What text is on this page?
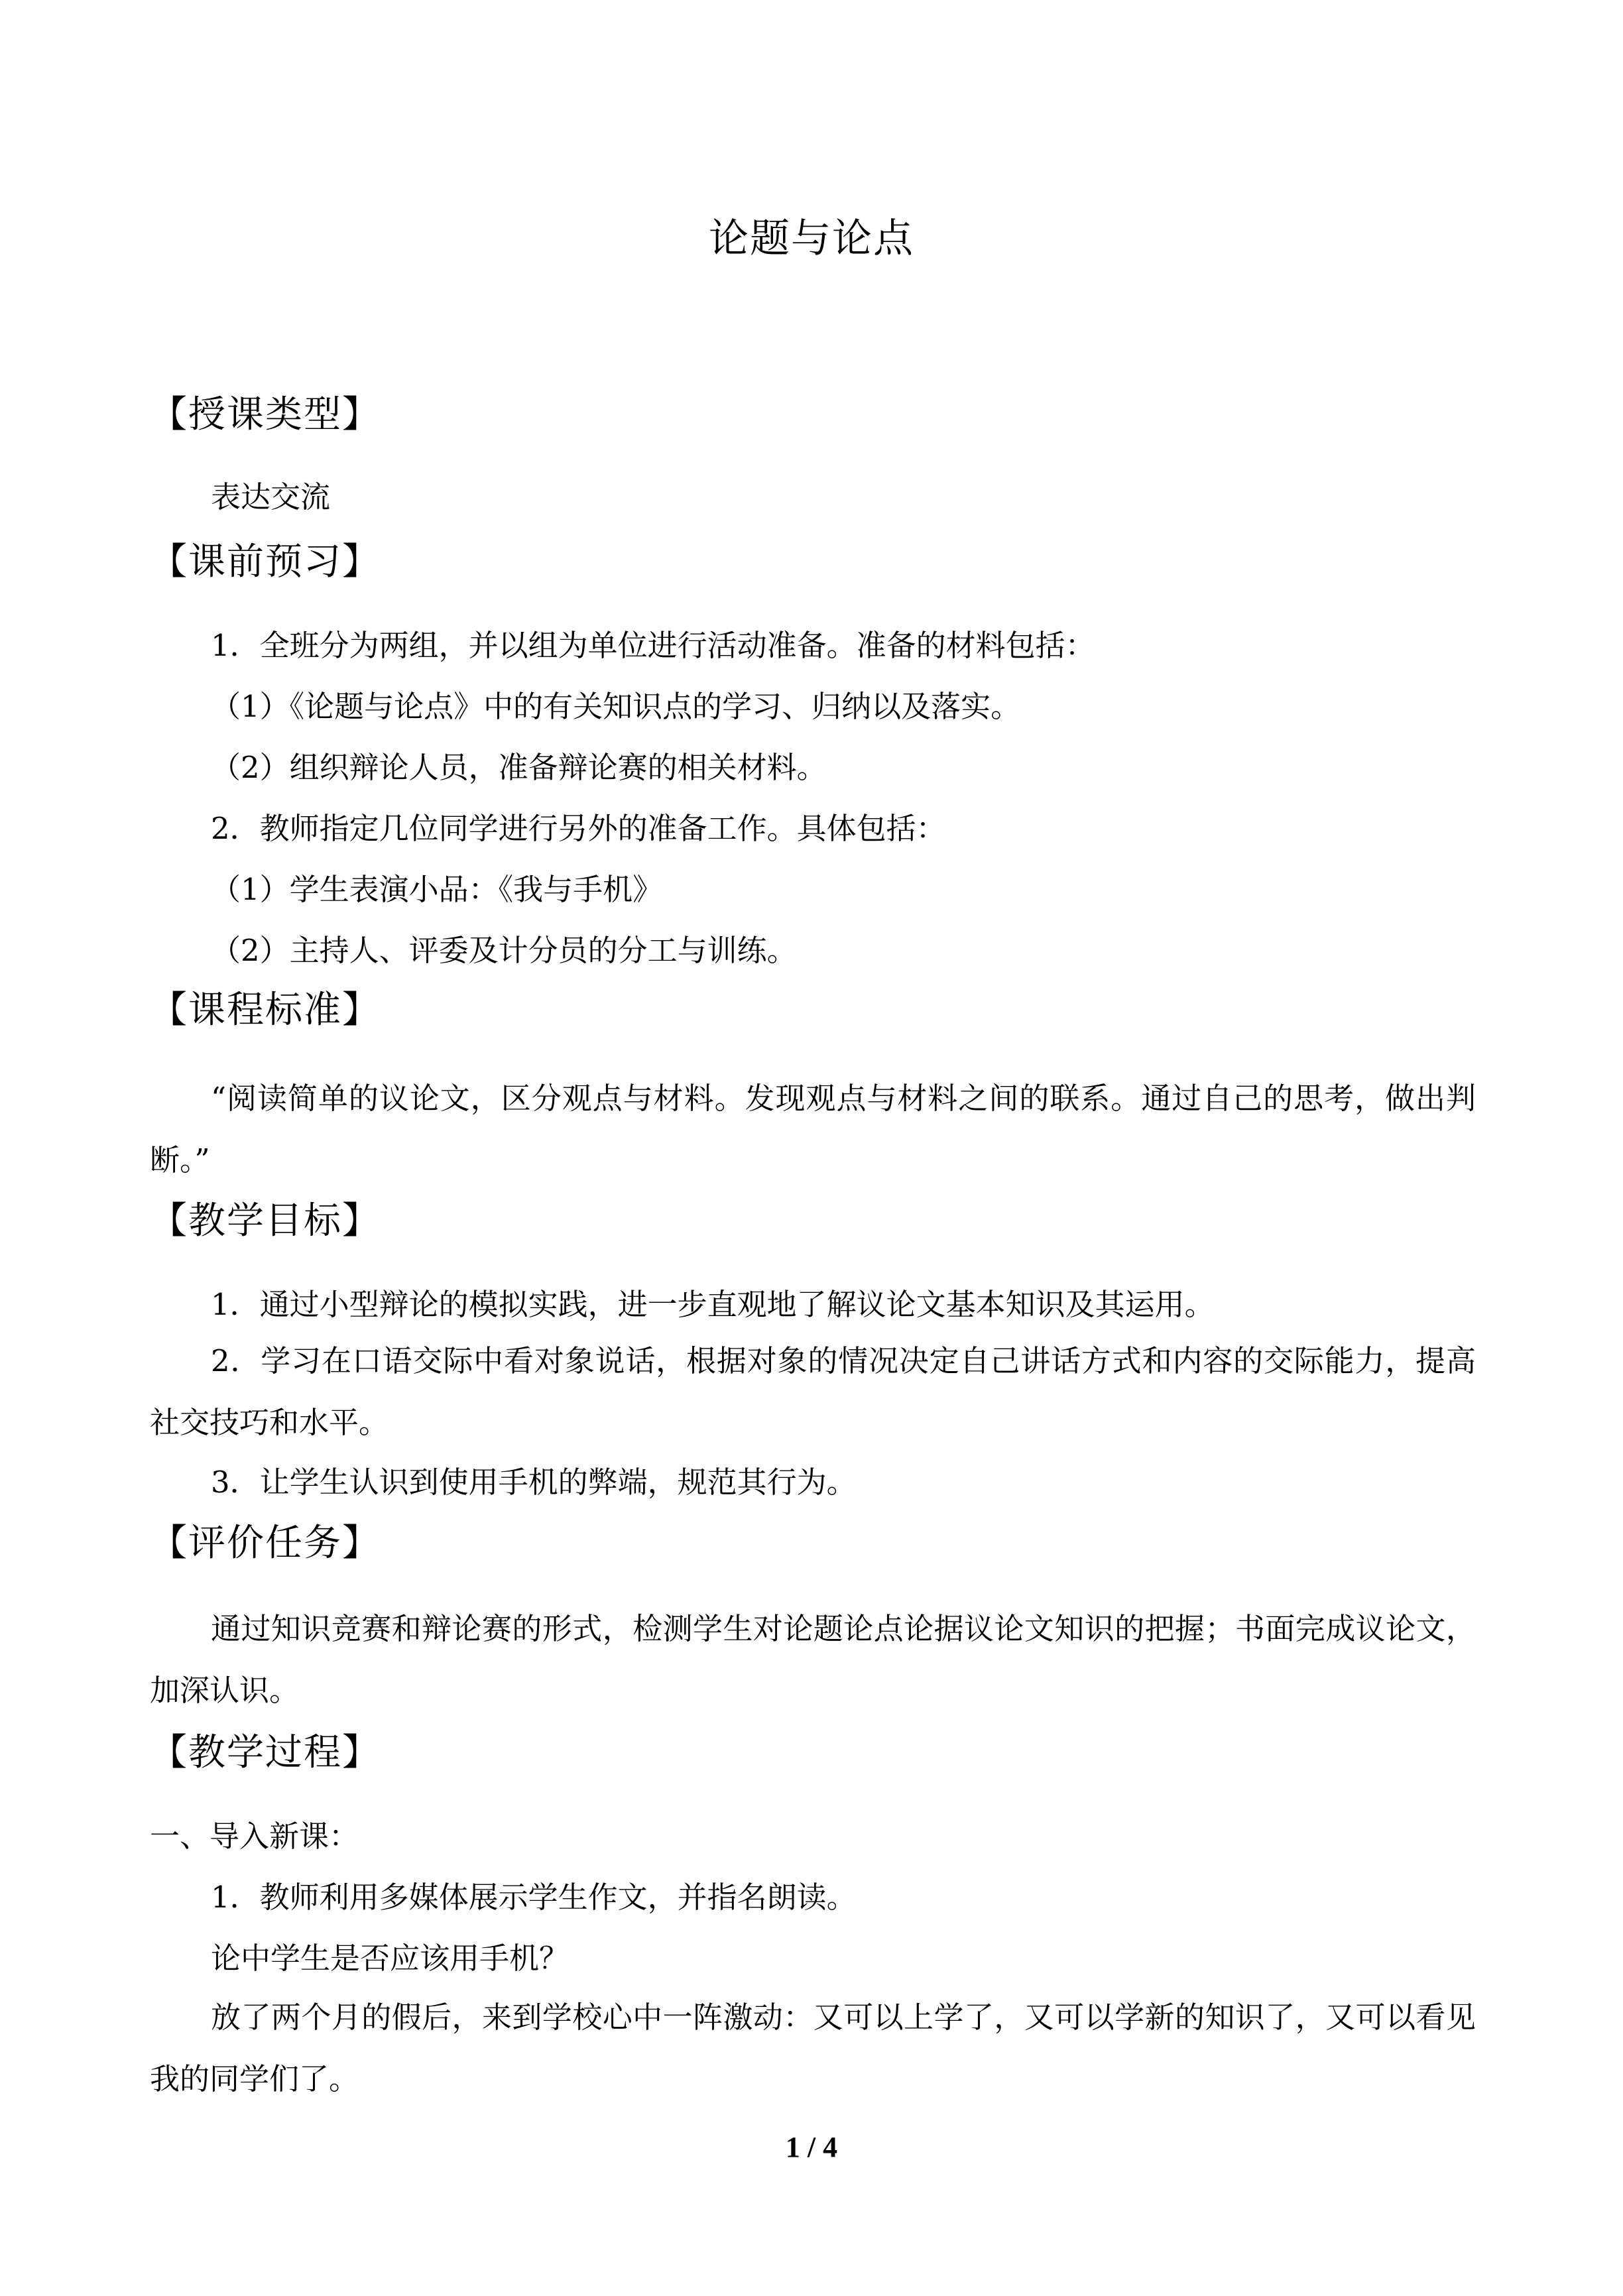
论题与论点
【授课类型】
表达交流
【课前预习】
1．全班分为两组，并以组为单位进行活动准备。准备的材料包括：
（1）《论题与论点》中的有关知识点的学习、归纳以及落实。
（2）组织辩论人员，准备辩论赛的相关材料。
2．教师指定几位同学进行另外的准备工作。具体包括：
（1）学生表演小品：《我与手机》
（2）主持人、评委及计分员的分工与训练。
【课程标准】
“阅读简单的议论文，区分观点与材料。发现观点与材料之间的联系。通过自己的思考，做出判断。”
【教学目标】
1．通过小型辩论的模拟实践，进一步直观地了解议论文基本知识及其运用。
2．学习在口语交际中看对象说话，根据对象的情况决定自己讲话方式和内容的交际能力，提高社交技巧和水平。
3．让学生认识到使用手机的弊端，规范其行为。
【评价任务】
通过知识竞赛和辩论赛的形式，检测学生对论题论点论据议论文知识的把握；书面完成议论文，加深认识。
【教学过程】
一、导入新课：
1．教师利用多媒体展示学生作文，并指名朗读。
论中学生是否应该用手机？
放了两个月的假后，来到学校心中一阵激动：又可以上学了，又可以学新的知识了，又可以看见我的同学们了。
1 / 4
